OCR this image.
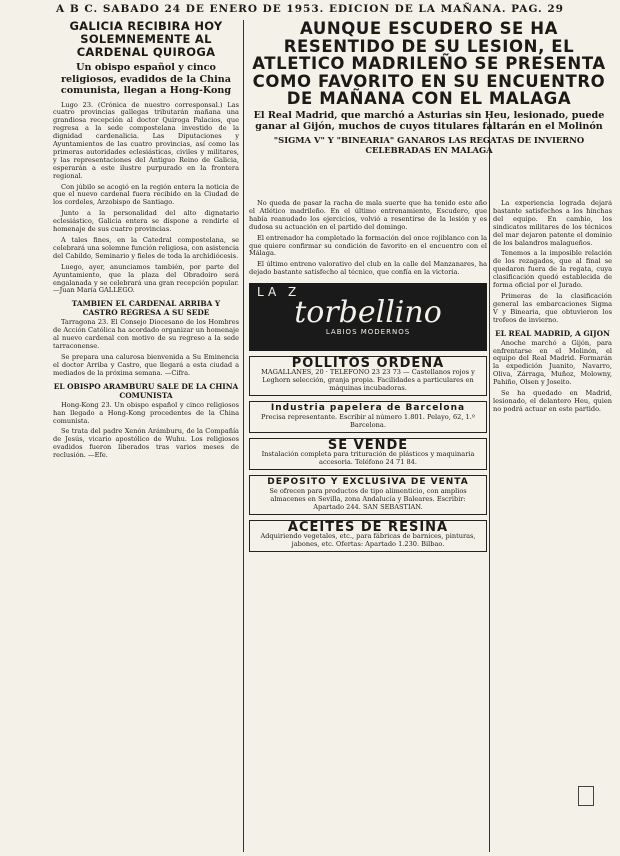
A B C. SABADO 24 DE ENERO DE 1953. EDICION DE LA MAÑANA. PAG. 29
GALICIA RECIBIRA HOY SOLEMNEMENTE AL CARDENAL QUIROGA
Un obispo español y cinco religiosos, evadidos de la China comunista, llegan a Hong-Kong

Lugo 23. (Crónica de nuestro corresponsal.) Las cuatro provincias gallegas tributarán mañana una grandiosa recepción al doctor Quiroga Palacios, que regresa a la sede compostelana investido de la dignidad cardenalicia. Las Diputaciones y Ayuntamientos de las cuatro provincias, así como las primeras autoridades eclesiásticas, civiles y militares, y las representaciones del Antiguo Reino de Galicia, esperarán a este ilustre purpurado en la frontera regional.

Con júbilo se acogió en la región entera la noticia de que el nuevo cardenal fuera recibido en la Ciudad de los cordeles, Arzobispo de Santiago.

Junto a la personalidad del alto dignatario eclesiástico, Galicia entera se dispone a rendirle el homenaje de sus cuatro provincias.

A tales fines, en la Catedral compostelana, se celebrará una solemne función religiosa, con asistencia del Cabildo, Seminario y fieles de toda la archidiócesis.

Luego, ayer, anunciamos también, por parte del Ayuntamiento, que la plaza del Obradoiro será engalanada y se celebrará una gran recepción popular. —Juan María GALLEGO.

TAMBIEN EL CARDENAL ARRIBA Y CASTRO REGRESA A SU SEDE

Tarragona 23. El Consejo Diocesano de los Hombres de Acción Católica ha acordado organizar un homenaje al nuevo cardenal con motivo de su regreso a la sede tarraconense.

Se prepara una calurosa bienvenida a Su Eminencia el doctor Arriba y Castro, que llegará a esta ciudad a mediados de la próxima semana. —Cifra.

EL OBISPO ARAMBURU SALE DE LA CHINA COMUNISTA

Hong-Kong 23. Un obispo español y cinco religiosos han llegado a Hong-Kong procedentes de la China comunista.

Se trata del padre Xenón Arámburu, de la Compañía de Jesús, vicario apostólico de Wuhu. Los religiosos evadidos fueron liberados tras varios meses de reclusión. —Efe.

AUNQUE ESCUDERO SE HA RESENTIDO DE SU LESION, EL ATLETICO MADRILEÑO SE PRESENTA COMO FAVORITO EN SU ENCUENTRO DE MAÑANA CON EL MALAGA
El Real Madrid, que marchó a Asturias sin Heu, lesionado, puede ganar al Gijón, muchos de cuyos titulares faltarán en el Molinón
"SIGMA V" Y "BINEARIA" GANAROS LAS REGATAS DE INVIERNO CELEBRADAS EN MALAGA

No queda de pasar la racha de mala suerte que ha tenido este año el Atlético madrileño. En el último entrenamiento, Escudero, que había reanudado los ejercicios, volvió a resentirse de la lesión y es dudosa su actuación en el partido del domingo.

El entrenador ha completado la formación del once rojiblanco con la que quiere confirmar su condición de favorito en el encuentro con el Málaga.

El último entreno valorativo del club en la calle del Manzanares, ha dejado bastante satisfecho al técnico, que confía en la victoria.

LA Z
torbellino
LABIOS MODERNOS
POLLITOS ORDENA
MAGALLANES, 20 · TELEFONO 23 23 73 — Castellanos rojos y Leghorn selección, granja propia. Facilidades a particulares en máquinas incubadoras.
Industria papelera de Barcelona
Precisa representante. Escribir al número 1.801. Pelayo, 62, 1.º Barcelona.
SE VENDE
Instalación completa para trituración de plásticos y maquinaria accesoria. Teléfono 24 71 84.
DEPOSITO Y EXCLUSIVA DE VENTA
Se ofrecen para productos de tipo alimenticio, con amplios almacenes en Sevilla, zona Andalucía y Baleares. Escribir: Apartado 244. SAN SEBASTIAN.
ACEITES DE RESINA
Adquiriendo vegetales, etc., para fábricas de barnices, pinturas, jabones, etc. Ofertas: Apartado 1.230. Bilbao.

La experiencia lograda dejará bastante satisfechos a los hinchas del equipo. En cambio, los sindicatos militares de los técnicos del mar dejaron patente el dominio de los balandros malagueños.

Tenemos a la imposible relación de los rezagados, que al final se quedaron fuera de la regata, cuya clasificación quedó establecida de forma oficial por el Jurado.

Primeras de la clasificación general las embarcaciones Sigma V y Binearia, que obtuvieron los trofeos de invierno.

EL REAL MADRID, A GIJON

Anoche marchó a Gijón, para enfrentarse en el Molinón, el equipo del Real Madrid. Formarán la expedición Juanito, Navarro, Oliva, Zárraga, Muñoz, Molowny, Pahiño, Olsen y Joseito.

Se ha quedado en Madrid, lesionado, el delantero Heu, quien no podrá actuar en este partido.
